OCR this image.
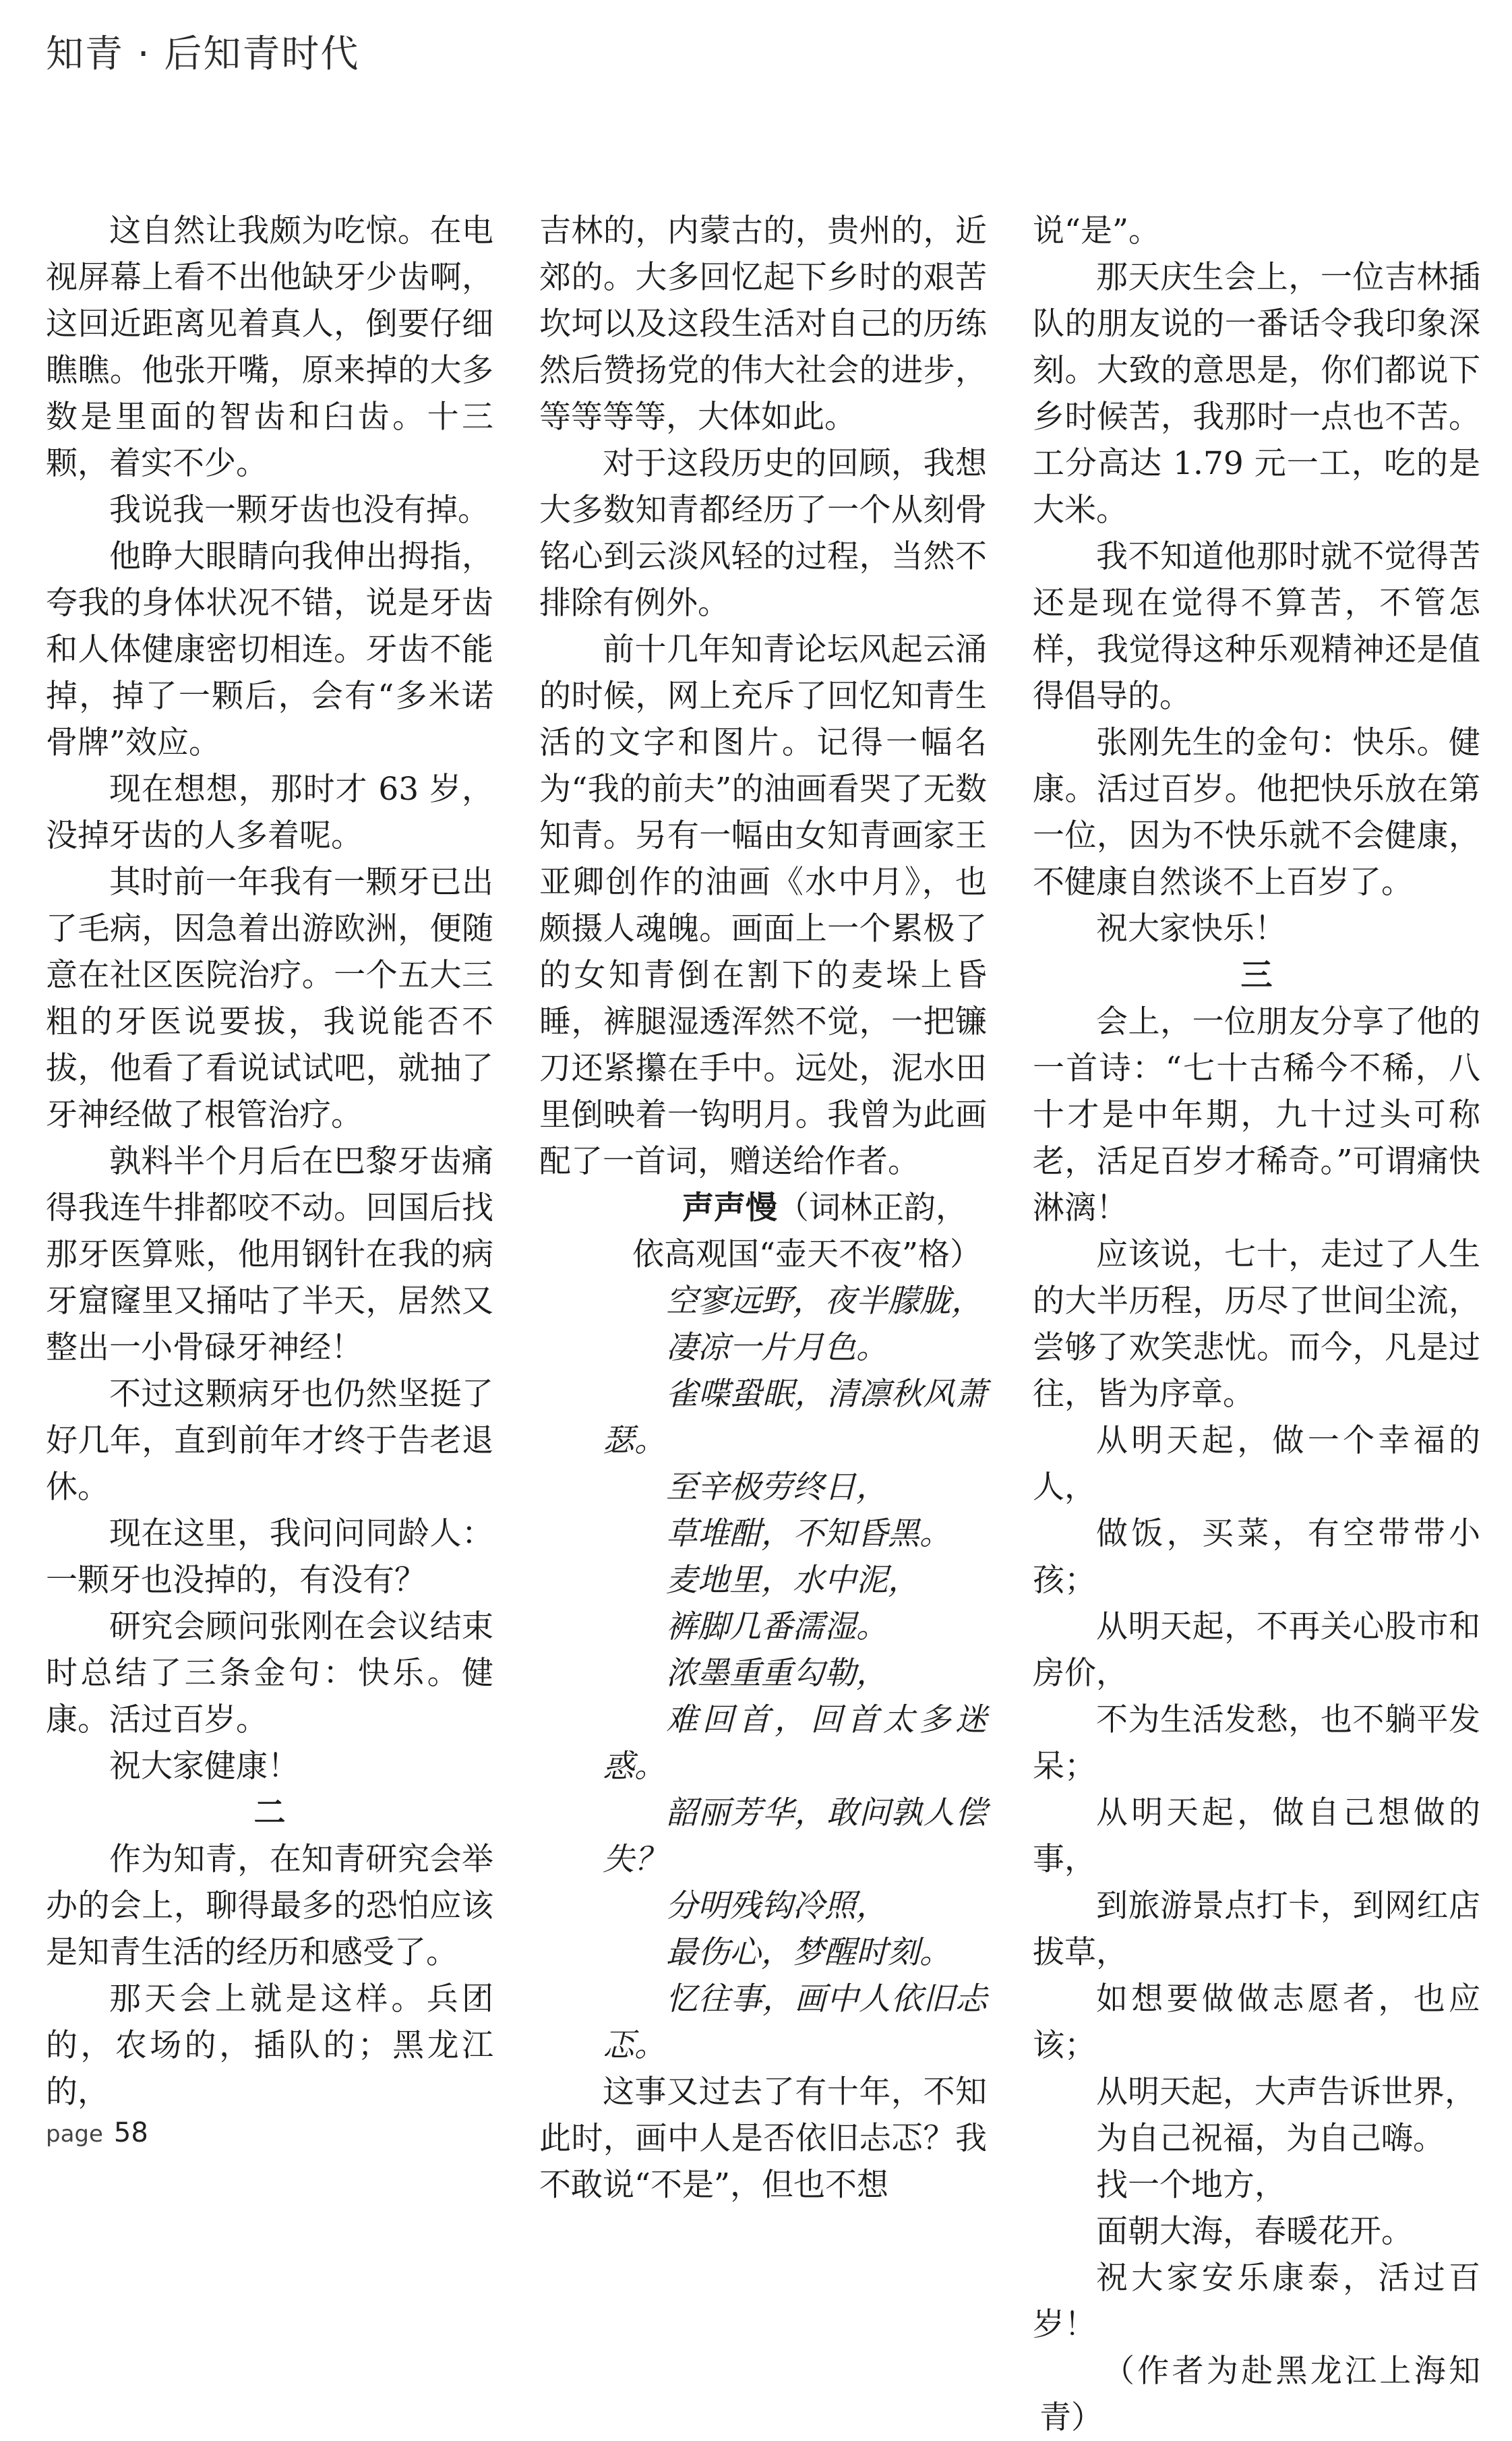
知青 · 后知青时代

这自然让我颇为吃惊。在电视屏幕上看不出他缺牙少齿啊，这回近距离见着真人，倒要仔细瞧瞧。他张开嘴，原来掉的大多数是里面的智齿和臼齿。十三颗，着实不少。

我说我一颗牙齿也没有掉。

他睁大眼睛向我伸出拇指，夸我的身体状况不错，说是牙齿和人体健康密切相连。牙齿不能掉，掉了一颗后，会有“多米诺骨牌”效应。

现在想想，那时才 63 岁，没掉牙齿的人多着呢。

其时前一年我有一颗牙已出了毛病，因急着出游欧洲，便随意在社区医院治疗。一个五大三粗的牙医说要拔，我说能否不拔，他看了看说试试吧，就抽了牙神经做了根管治疗。

孰料半个月后在巴黎牙齿痛得我连牛排都咬不动。回国后找那牙医算账，他用钢针在我的病牙窟窿里又捅咕了半天，居然又整出一小骨碌牙神经！

不过这颗病牙也仍然坚挺了好几年，直到前年才终于告老退休。

现在这里，我问问同龄人：一颗牙也没掉的，有没有？

研究会顾问张刚在会议结束时总结了三条金句：快乐。健康。活过百岁。

祝大家健康！

二

作为知青，在知青研究会举办的会上，聊得最多的恐怕应该是知青生活的经历和感受了。

那天会上就是这样。兵团的，农场的，插队的；黑龙江的，

吉林的，内蒙古的，贵州的，近郊的。大多回忆起下乡时的艰苦坎坷以及这段生活对自己的历练然后赞扬党的伟大社会的进步，等等等等，大体如此。

对于这段历史的回顾，我想大多数知青都经历了一个从刻骨铭心到云淡风轻的过程，当然不排除有例外。

前十几年知青论坛风起云涌的时候，网上充斥了回忆知青生活的文字和图片。记得一幅名为“我的前夫”的油画看哭了无数知青。另有一幅由女知青画家王亚卿创作的油画《水中月》，也颇摄人魂魄。画面上一个累极了的女知青倒在割下的麦垛上昏睡，裤腿湿透浑然不觉，一把镰刀还紧攥在手中。远处，泥水田里倒映着一钩明月。我曾为此画配了一首词，赠送给作者。

声声慢（词林正韵，

依高观国“壶天不夜”格）

空寥远野，夜半朦胧，

凄凉一片月色。

雀喋蛩眠，清凛秋风萧瑟。

至辛极劳终日，

草堆酣，不知昏黑。

麦地里，水中泥，

裤脚几番濡湿。

浓墨重重勾勒，

难回首，回首太多迷惑。

韶丽芳华，敢问孰人偿失？

分明残钩冷照，

最伤心，梦醒时刻。

忆往事，画中人依旧忐忑。

这事又过去了有十年，不知此时，画中人是否依旧忐忑？我不敢说“不是”，但也不想

说“是”。

那天庆生会上，一位吉林插队的朋友说的一番话令我印象深刻。大致的意思是，你们都说下乡时候苦，我那时一点也不苦。工分高达 1.79 元一工，吃的是大米。

我不知道他那时就不觉得苦还是现在觉得不算苦，不管怎样，我觉得这种乐观精神还是值得倡导的。

张刚先生的金句：快乐。健康。活过百岁。他把快乐放在第一位，因为不快乐就不会健康，不健康自然谈不上百岁了。

祝大家快乐！

三

会上，一位朋友分享了他的一首诗：“七十古稀今不稀，八十才是中年期，九十过头可称老，活足百岁才稀奇。”可谓痛快淋漓！

应该说，七十，走过了人生的大半历程，历尽了世间尘流，尝够了欢笑悲忧。而今，凡是过往，皆为序章。

从明天起，做一个幸福的人，

做饭，买菜，有空带带小孩；

从明天起，不再关心股市和房价，

不为生活发愁，也不躺平发呆；

从明天起，做自己想做的事，

到旅游景点打卡，到网红店拔草，

如想要做做志愿者，也应该；

从明天起，大声告诉世界，

为自己祝福，为自己嗨。

找一个地方，

面朝大海，春暖花开。

祝大家安乐康泰，活过百岁！

（作者为赴黑龙江上海知青）

page 58
